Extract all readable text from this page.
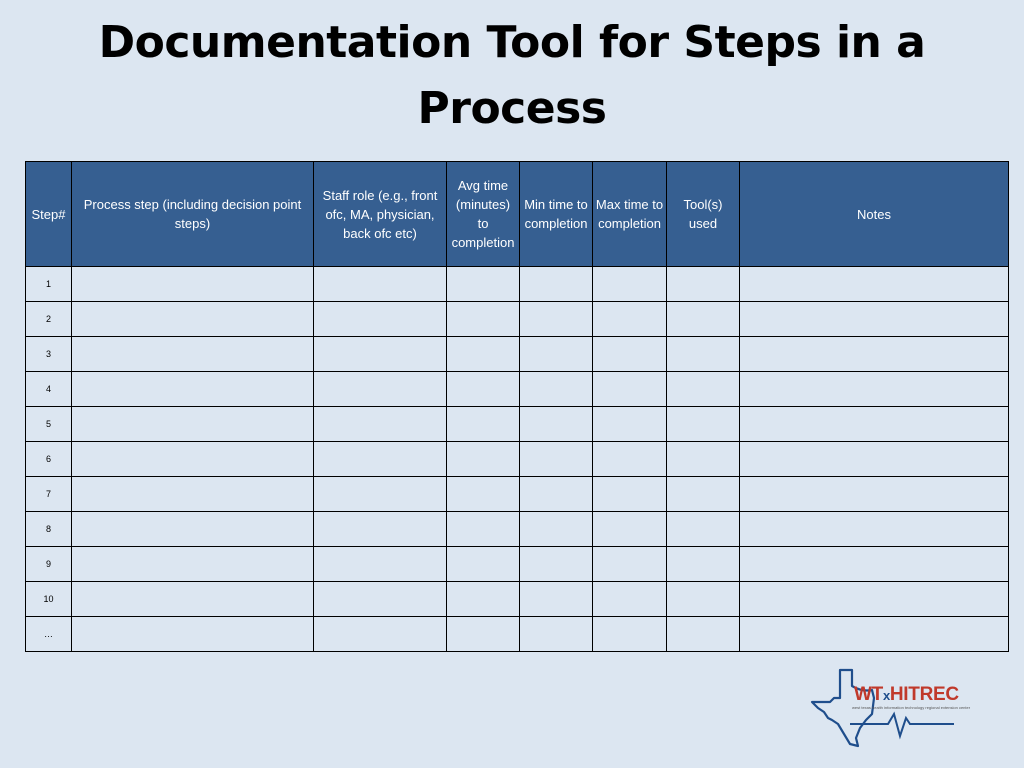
Documentation Tool for Steps in a Process
Step#	Process step (including decision point steps)	Staff role (e.g., front ofc, MA, physician, back ofc etc)	Avg time (minutes) to completion	Min time to completion	Max time to completion	Tool(s) used	Notes
1							
2							
3							
4							
5							
6							
7							
8							
9							
10							
…							
WTxHITREC
west texas health information technology regional extension center
